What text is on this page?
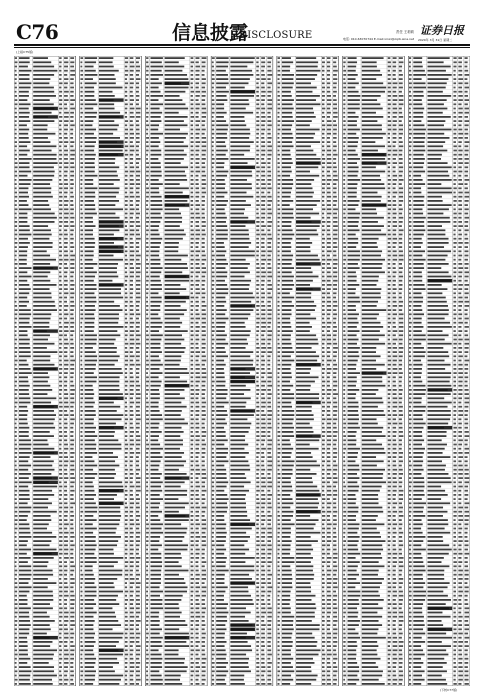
C76	信息披露
DISCLOSURE	责任 王莉莉
电话: 010-63070744 E-mail:xinxi@zqrb.sina.net
证券日报
2020年 3月 31日 星期二
(上接C75版)
(下转C77版)
